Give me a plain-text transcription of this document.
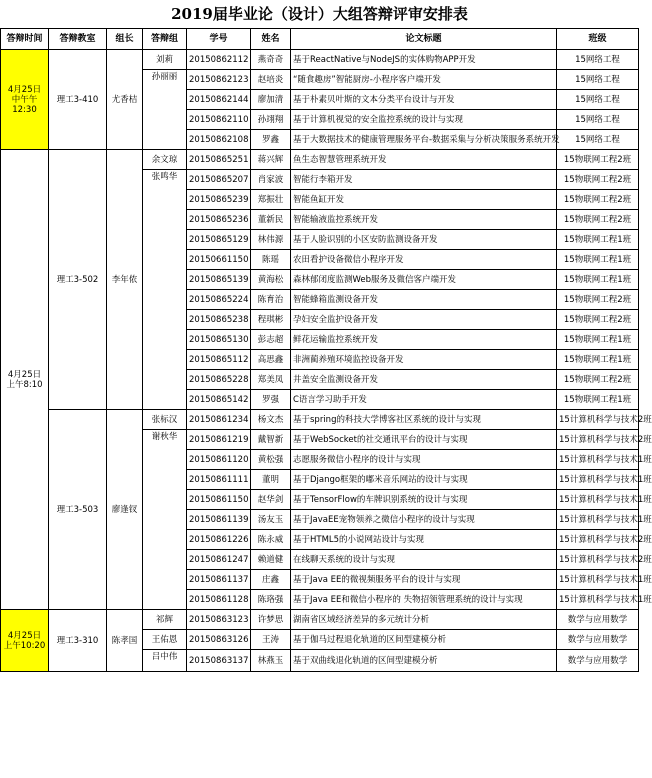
2019届毕业论（设计）大组答辩评审安排表
答辩时间	答辩教室	组长	答辩组	学号	姓名	论文标题	班级

4月25日
中午午
12:30	理工3-410	尤香桔	刘莉	20150862112	燕奇奇	基于ReactNative与NodeJS的实体购物APP开发	15网络工程
			孙丽丽	20150862123	赵培炎	“随食趣房”智能厨房-小程序客户端开发	15网络工程
				20150862144	廖加清	基于朴素贝叶斯的文本分类平台设计与开发	15网络工程
				20150862110	孙翊翔	基于计算机视觉的安全监控系统的设计与实现	15网络工程
				20150862108	罗鑫	基于大数据技术的健康管理服务平台-数据采集与分析决策服务系统开发	15网络工程

4月25日
上午8:10	理工3-502	李年侬	余文琼	20150865251	蒋兴辉	鱼生态智慧管理系统开发	15物联网工程2班
			张鸣华	20150865207	肖家波	智能行李箱开发	15物联网工程2班
				20150865239	郑振壮	智能鱼缸开发	15物联网工程2班
				20150865236	董新民	智能输液监控系统开发	15物联网工程2班
				20150865129	林伟源	基于人脸识别的小区安防监测设备开发	15物联网工程1班
				20150661150	陈瑶	农田看护设备微信小程序开发	15物联网工程1班
				20150865139	黄海松	森林郁闭度监测Web服务及微信客户端开发	15物联网工程1班
				20150865224	陈育治	智能蜂箱监测设备开发	15物联网工程2班
				20150865238	程琪彬	孕妇安全监护设备开发	15物联网工程2班
				20150865130	彭志超	鲜花运输监控系统开发	15物联网工程1班
				20150865112	高思鑫	非洲蔺养殖环境监控设备开发	15物联网工程1班
				20150865228	郑美凤	井盖安全监测设备开发	15物联网工程2班
				20150865142	罗强	C语言学习助手开发	15物联网工程1班
	理工3-503	廖逢钗	张标汉	20150861234	杨文杰	基于spring的科技大学博客社区系统的设计与实现	15计算机科学与技术2班
			谢秋华	20150861219	戴智新	基于WebSocket的社交通讯平台的设计与实现	15计算机科学与技术2班
				20150861120	黄松强	志愿服务微信小程序的设计与实现	15计算机科学与技术1班
				20150861111	董明	基于Django框架的嘟米音乐网站的设计与实现	15计算机科学与技术1班
				20150861150	赵华剑	基于TensorFlow的车牌识别系统的设计与实现	15计算机科学与技术1班
				20150861139	汤友玉	基于JavaEE宠物领养之微信小程序的设计与实现	15计算机科学与技术1班
				20150861226	陈永威	基于HTML5的小说网站设计与实现	15计算机科学与技术2班
				20150861247	赖道健	在线聊天系统的设计与实现	15计算机科学与技术2班
				20150861137	庄鑫	基于Java EE的微视频服务平台的设计与实现	15计算机科学与技术1班
				20150861128	陈珞强	基于Java EE和微信小程序的 失物招领管理系统的设计与实现	15计算机科学与技术1班

4月25日
上午10:20	理工3-310	陈孝国	祁辉	20150863123	许梦思	湖南省区域经济差异的多元统计分析	数学与应用数学
			王佑恩	20150863126	王涛	基于伽马过程退化轨道的区间型建模分析	数学与应用数学
			吕中伟	20150863137	林燕玉	基于双曲线退化轨道的区间型建模分析	数学与应用数学
